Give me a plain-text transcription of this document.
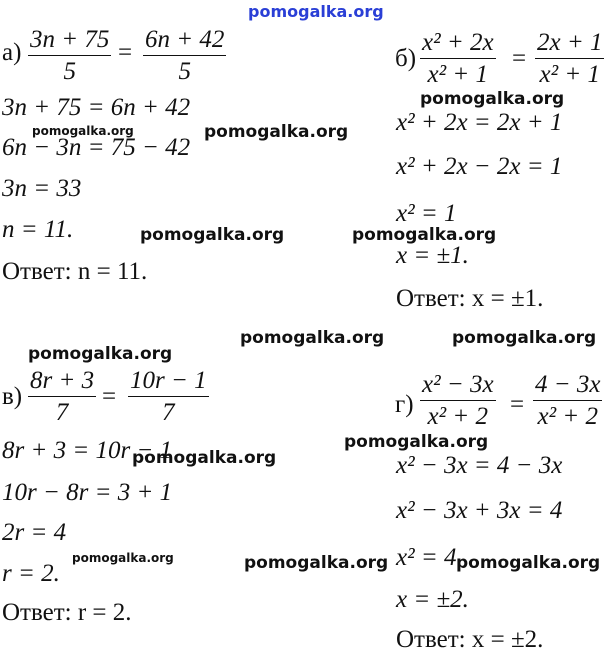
pomogalka.org
а) 3n + 75
5
= 6n + 42
5
3n + 75 = 6n + 42
6n − 3n = 75 − 42
3n = 33
n = 11.
Ответ: n = 11.
б)
x² + 2x
x² + 1
=
2x + 1
x² + 1
x² + 2x = 2x + 1
x² + 2x − 2x = 1
x² = 1
x = ±1.
Ответ: x = ±1.
в)
8r + 3
7
=
10r − 1
7
8r + 3 = 10r − 1
10r − 8r = 3 + 1
2r = 4
r = 2.
Ответ: r = 2.
г)
x² − 3x
x² + 2 =
4 − 3x
x² + 2
x² − 3x = 4 − 3x
x² − 3x + 3x = 4
x² = 4
x = ±2.
Ответ: x = ±2.
pomogalka.org	pomogalka.org
pomogalka.org
pomogalka.org	pomogalka.org
pomogalka.org	pomogalka.org
pomogalka.org
pomogalka.org
pomogalka.org
pomogalka.org	pomogalka.org	pomogalka.org
